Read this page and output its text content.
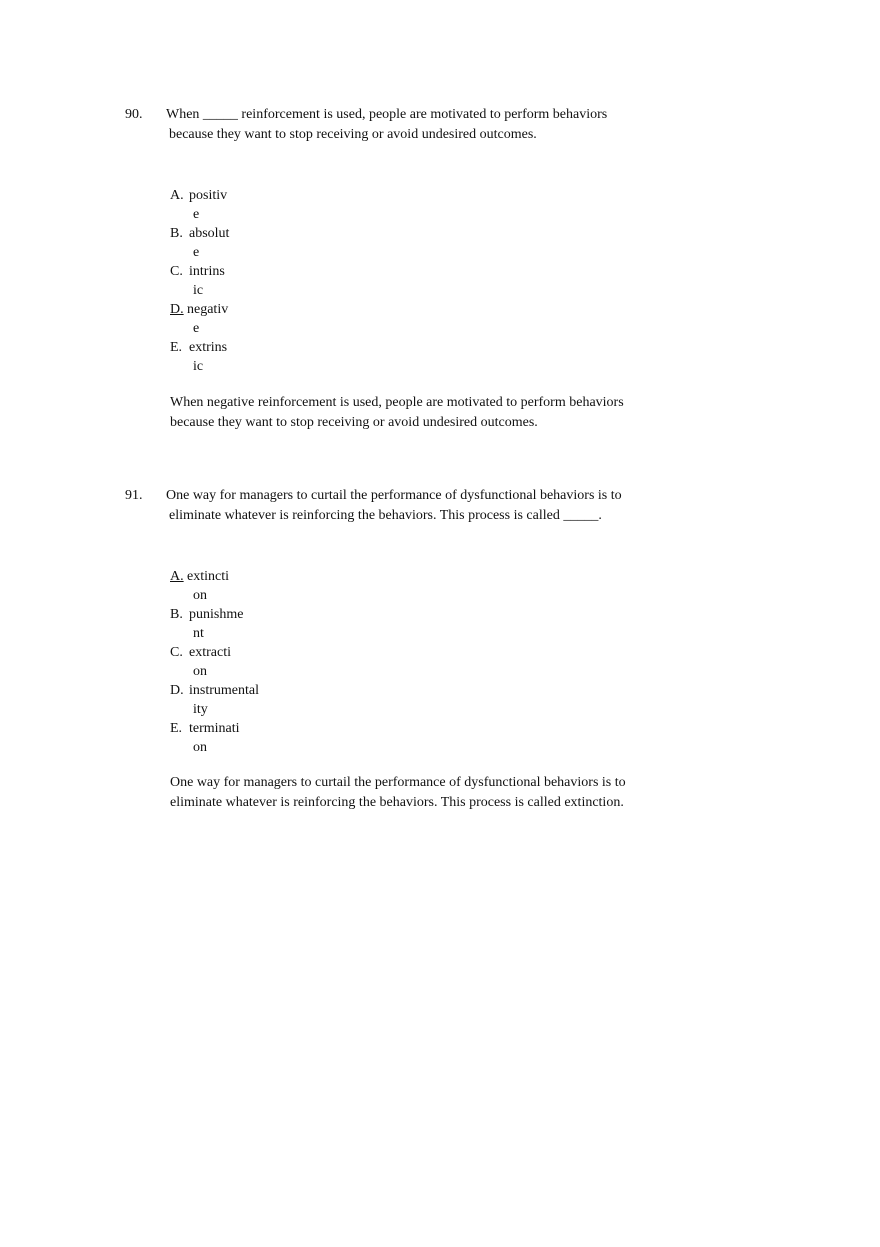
90. When _____ reinforcement is used, people are motivated to perform behaviors
because they want to stop receiving or avoid undesired outcomes.
A. positiv
e
B. absolut
e
C. intrins
ic
D. negativ
e
E. extrins
ic
When negative reinforcement is used, people are motivated to perform behaviors
because they want to stop receiving or avoid undesired outcomes.
91. One way for managers to curtail the performance of dysfunctional behaviors is to
eliminate whatever is reinforcing the behaviors. This process is called _____.
A. extincti
on
B. punishme
nt
C. extracti
on
D. instrumental
ity
E. terminati
on
One way for managers to curtail the performance of dysfunctional behaviors is to
eliminate whatever is reinforcing the behaviors. This process is called extinction.
